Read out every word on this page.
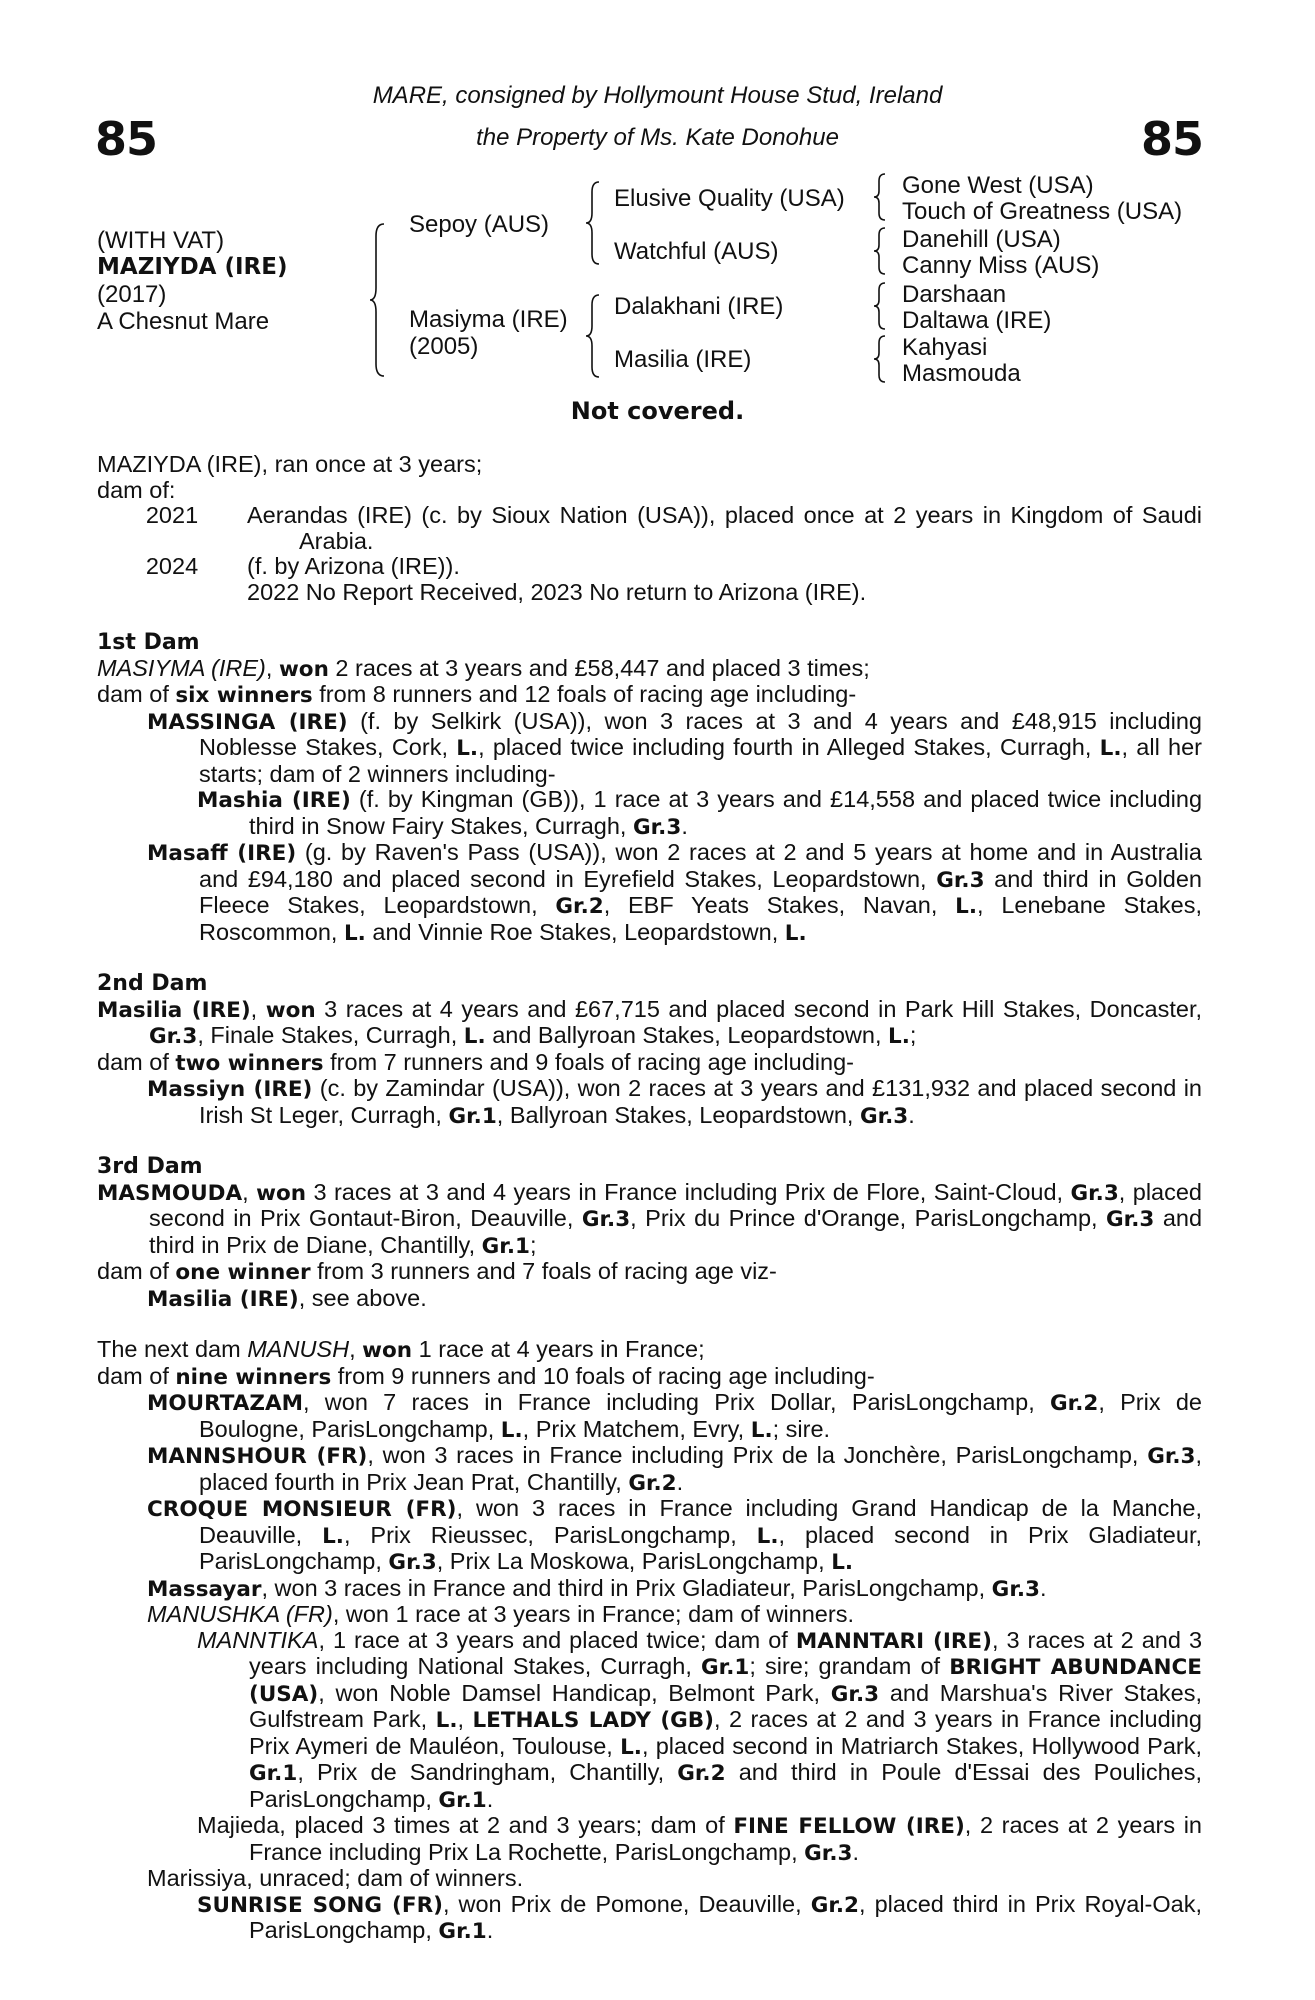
85	85
MARE, consigned by Hollymount House Stud, Ireland
the Property of Ms. Kate Donohue
(WITH VAT)
MAZIYDA (IRE)
(2017)
A Chesnut Mare
Sepoy (AUS)
Masiyma (IRE)
(2005)
Elusive Quality (USA)
Watchful (AUS)
Dalakhani (IRE)
Masilia (IRE)
Gone West (USA)
Touch of Greatness (USA)
Danehill (USA)
Canny Miss (AUS)
Darshaan
Daltawa (IRE)
Kahyasi
Masmouda
Not covered.

MAZIYDA (IRE), ran once at 3 years;

dam of:

2021	Aerandas (IRE) (c. by Sioux Nation (USA)), placed once at 2 years in Kingdom of Saudi Arabia.
2024	(f. by Arizona (IRE)).
2022 No Report Received, 2023 No return to Arizona (IRE).

1st Dam

MASIYMA (IRE), won 2 races at 3 years and £58,447 and placed 3 times;

dam of six winners from 8 runners and 12 foals of racing age including-

MASSINGA (IRE) (f. by Selkirk (USA)), won 3 races at 3 and 4 years and £48,915 including Noblesse Stakes, Cork, L., placed twice including fourth in Alleged Stakes, Curragh, L., all her starts; dam of 2 winners including-

Mashia (IRE) (f. by Kingman (GB)), 1 race at 3 years and £14,558 and placed twice including third in Snow Fairy Stakes, Curragh, Gr.3.

Masaff (IRE) (g. by Raven's Pass (USA)), won 2 races at 2 and 5 years at home and in Australia and £94,180 and placed second in Eyrefield Stakes, Leopardstown, Gr.3 and third in Golden Fleece Stakes, Leopardstown, Gr.2, EBF Yeats Stakes, Navan, L., Lenebane Stakes, Roscommon, L. and Vinnie Roe Stakes, Leopardstown, L.

2nd Dam

Masilia (IRE), won 3 races at 4 years and £67,715 and placed second in Park Hill Stakes, Doncaster, Gr.3, Finale Stakes, Curragh, L. and Ballyroan Stakes, Leopardstown, L.;

dam of two winners from 7 runners and 9 foals of racing age including-

Massiyn (IRE) (c. by Zamindar (USA)), won 2 races at 3 years and £131,932 and placed second in Irish St Leger, Curragh, Gr.1, Ballyroan Stakes, Leopardstown, Gr.3.

3rd Dam

MASMOUDA, won 3 races at 3 and 4 years in France including Prix de Flore, Saint-Cloud, Gr.3, placed second in Prix Gontaut-Biron, Deauville, Gr.3, Prix du Prince d'Orange, ParisLongchamp, Gr.3 and third in Prix de Diane, Chantilly, Gr.1;

dam of one winner from 3 runners and 7 foals of racing age viz-

Masilia (IRE), see above.

The next dam MANUSH, won 1 race at 4 years in France;

dam of nine winners from 9 runners and 10 foals of racing age including-

MOURTAZAM, won 7 races in France including Prix Dollar, ParisLongchamp, Gr.2, Prix de Boulogne, ParisLongchamp, L., Prix Matchem, Evry, L.; sire.

MANNSHOUR (FR), won 3 races in France including Prix de la Jonchère, ParisLongchamp, Gr.3, placed fourth in Prix Jean Prat, Chantilly, Gr.2.

CROQUE MONSIEUR (FR), won 3 races in France including Grand Handicap de la Manche, Deauville, L., Prix Rieussec, ParisLongchamp, L., placed second in Prix Gladiateur, ParisLongchamp, Gr.3, Prix La Moskowa, ParisLongchamp, L.

Massayar, won 3 races in France and third in Prix Gladiateur, ParisLongchamp, Gr.3.

MANUSHKA (FR), won 1 race at 3 years in France; dam of winners.

MANNTIKA, 1 race at 3 years and placed twice; dam of MANNTARI (IRE), 3 races at 2 and 3 years including National Stakes, Curragh, Gr.1; sire; grandam of BRIGHT ABUNDANCE (USA), won Noble Damsel Handicap, Belmont Park, Gr.3 and Marshua's River Stakes, Gulfstream Park, L., LETHALS LADY (GB), 2 races at 2 and 3 years in France including Prix Aymeri de Mauléon, Toulouse, L., placed second in Matriarch Stakes, Hollywood Park, Gr.1, Prix de Sandringham, Chantilly, Gr.2 and third in Poule d'Essai des Pouliches, ParisLongchamp, Gr.1.

Majieda, placed 3 times at 2 and 3 years; dam of FINE FELLOW (IRE), 2 races at 2 years in France including Prix La Rochette, ParisLongchamp, Gr.3.

Marissiya, unraced; dam of winners.

SUNRISE SONG (FR), won Prix de Pomone, Deauville, Gr.2, placed third in Prix Royal-Oak, ParisLongchamp, Gr.1.
